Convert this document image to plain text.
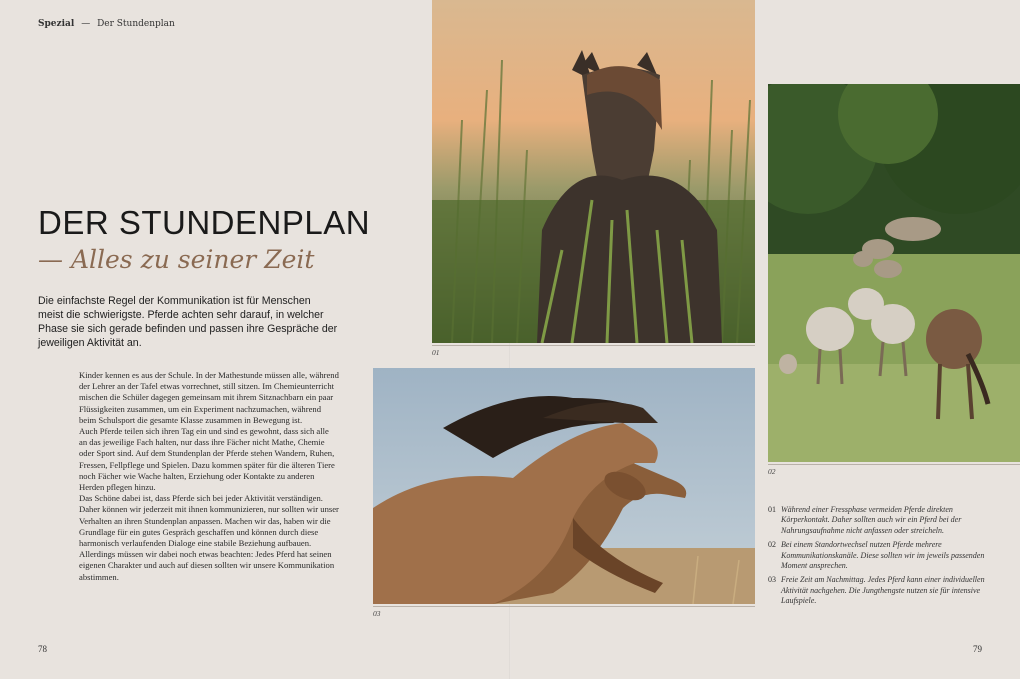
Spezial — Der Stundenplan
DER STUNDENPLAN
— Alles zu seiner Zeit
Die einfachste Regel der Kommunikation ist für Menschen meist die schwierigste. Pferde achten sehr darauf, in welcher Phase sie sich gerade befinden und passen ihre Gespräche der jeweiligen Aktivität an.

Kinder kennen es aus der Schule. In der Mathestunde müssen alle, während der Lehrer an der Tafel etwas vorrechnet, still sitzen. Im Chemieunterricht mischen die Schüler dagegen gemeinsam mit ihrem Sitznachbarn ein paar Flüssigkeiten zusammen, um ein Experiment nachzumachen, während beim Schulsport die gesamte Klasse zusammen in Bewegung ist.

Auch Pferde teilen sich ihren Tag ein und sind es gewohnt, dass sich alle an das jeweilige Fach halten, nur dass ihre Fächer nicht Mathe, Chemie oder Sport sind. Auf dem Stundenplan der Pferde stehen Wandern, Ruhen, Fressen, Fellpflege und Spielen. Dazu kommen später für die älteren Tiere noch Fächer wie Wache halten, Erziehung oder Kontakte zu anderen Herden pflegen hinzu.

Das Schöne dabei ist, dass Pferde sich bei jeder Aktivität verständigen. Daher können wir jederzeit mit ihnen kommunizieren, nur sollten wir unser Verhalten an ihren Stundenplan anpassen. Machen wir das, haben wir die Grundlage für ein gutes Gespräch geschaffen und können durch diese harmonisch verlaufenden Dialoge eine stabile Beziehung aufbauen. Allerdings müssen wir dabei noch etwas beachten: Jedes Pferd hat seinen eigenen Charakter und auch auf diesen sollten wir unsere Kommunikation abstimmen.

01
02
03
01 Während einer Fressphase vermeiden Pferde direkten Körperkontakt. Daher sollten auch wir ein Pferd bei der Nahrungsaufnahme nicht anfassen oder streicheln.
02 Bei einem Standortwechsel nutzen Pferde mehrere Kommunikationskanäle. Diese sollten wir im jeweils passenden Moment ansprechen.
03 Freie Zeit am Nachmittag. Jedes Pferd kann einer individuellen Aktivität nachgehen. Die Jungthengste nutzen sie für intensive Laufspiele.
78	79
